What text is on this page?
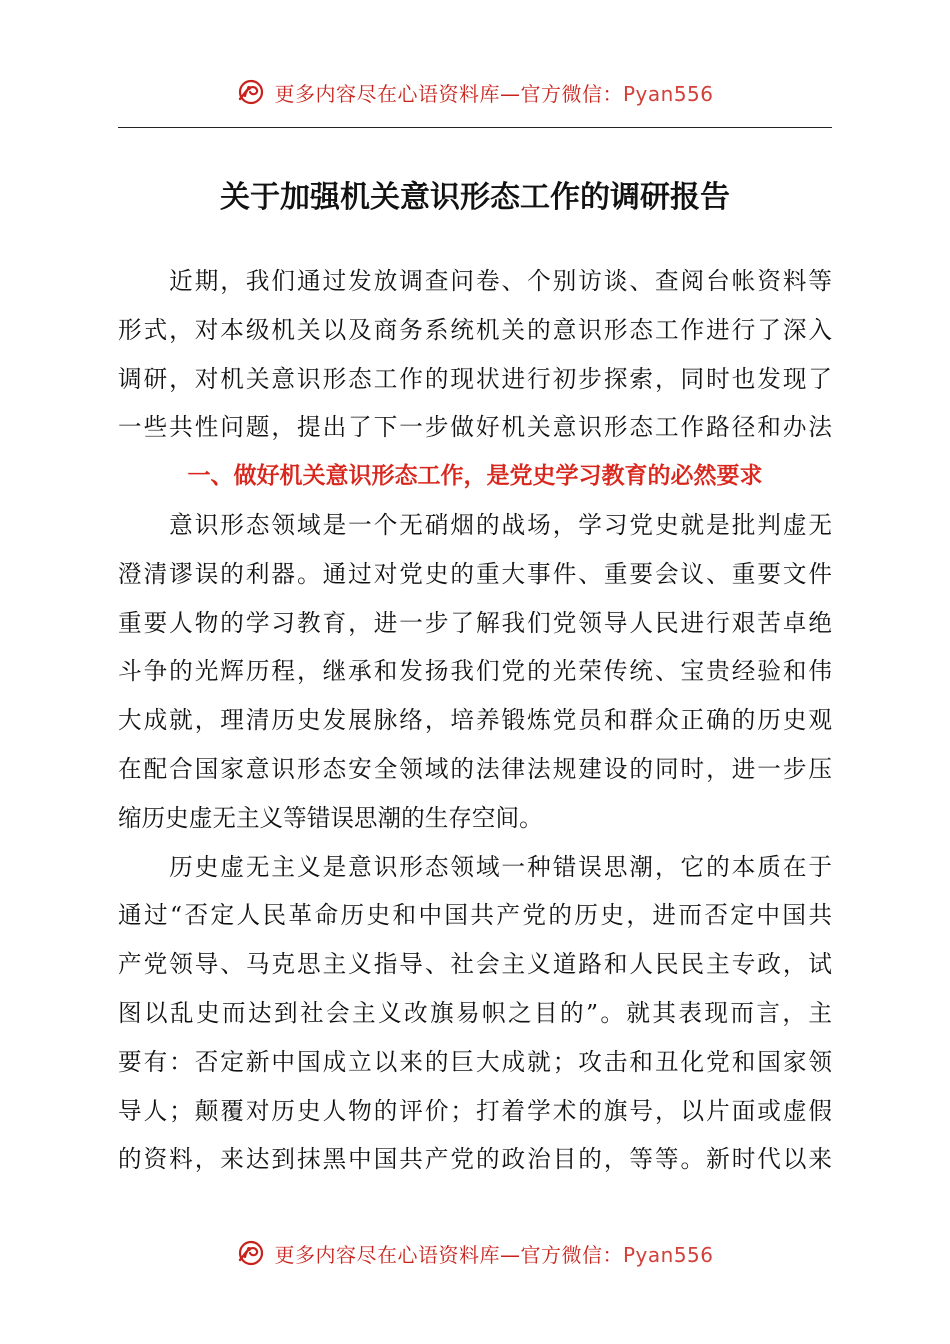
更多内容尽在心语资料库—官方微信：Pyan556
关于加强机关意识形态工作的调研报告
　　近期，我们通过发放调查问卷、个别访谈、查阅台帐资料等
形式，对本级机关以及商务系统机关的意识形态工作进行了深入
调研，对机关意识形态工作的现状进行初步探索，同时也发现了
一些共性问题，提出了下一步做好机关意识形态工作路径和办法
一、做好机关意识形态工作，是党史学习教育的必然要求
　　意识形态领域是一个无硝烟的战场，学习党史就是批判虚无
澄清谬误的利器。通过对党史的重大事件、重要会议、重要文件
重要人物的学习教育，进一步了解我们党领导人民进行艰苦卓绝
斗争的光辉历程，继承和发扬我们党的光荣传统、宝贵经验和伟
大成就，理清历史发展脉络，培养锻炼党员和群众正确的历史观
在配合国家意识形态安全领域的法律法规建设的同时，进一步压
缩历史虚无主义等错误思潮的生存空间。
　　历史虚无主义是意识形态领域一种错误思潮，它的本质在于
通过“否定人民革命历史和中国共产党的历史，进而否定中国共
产党领导、马克思主义指导、社会主义道路和人民民主专政，试
图以乱史而达到社会主义改旗易帜之目的”。就其表现而言，主
要有：否定新中国成立以来的巨大成就；攻击和丑化党和国家领
导人；颠覆对历史人物的评价；打着学术的旗号，以片面或虚假
的资料，来达到抹黑中国共产党的政治目的，等等。新时代以来
更多内容尽在心语资料库—官方微信：Pyan556
